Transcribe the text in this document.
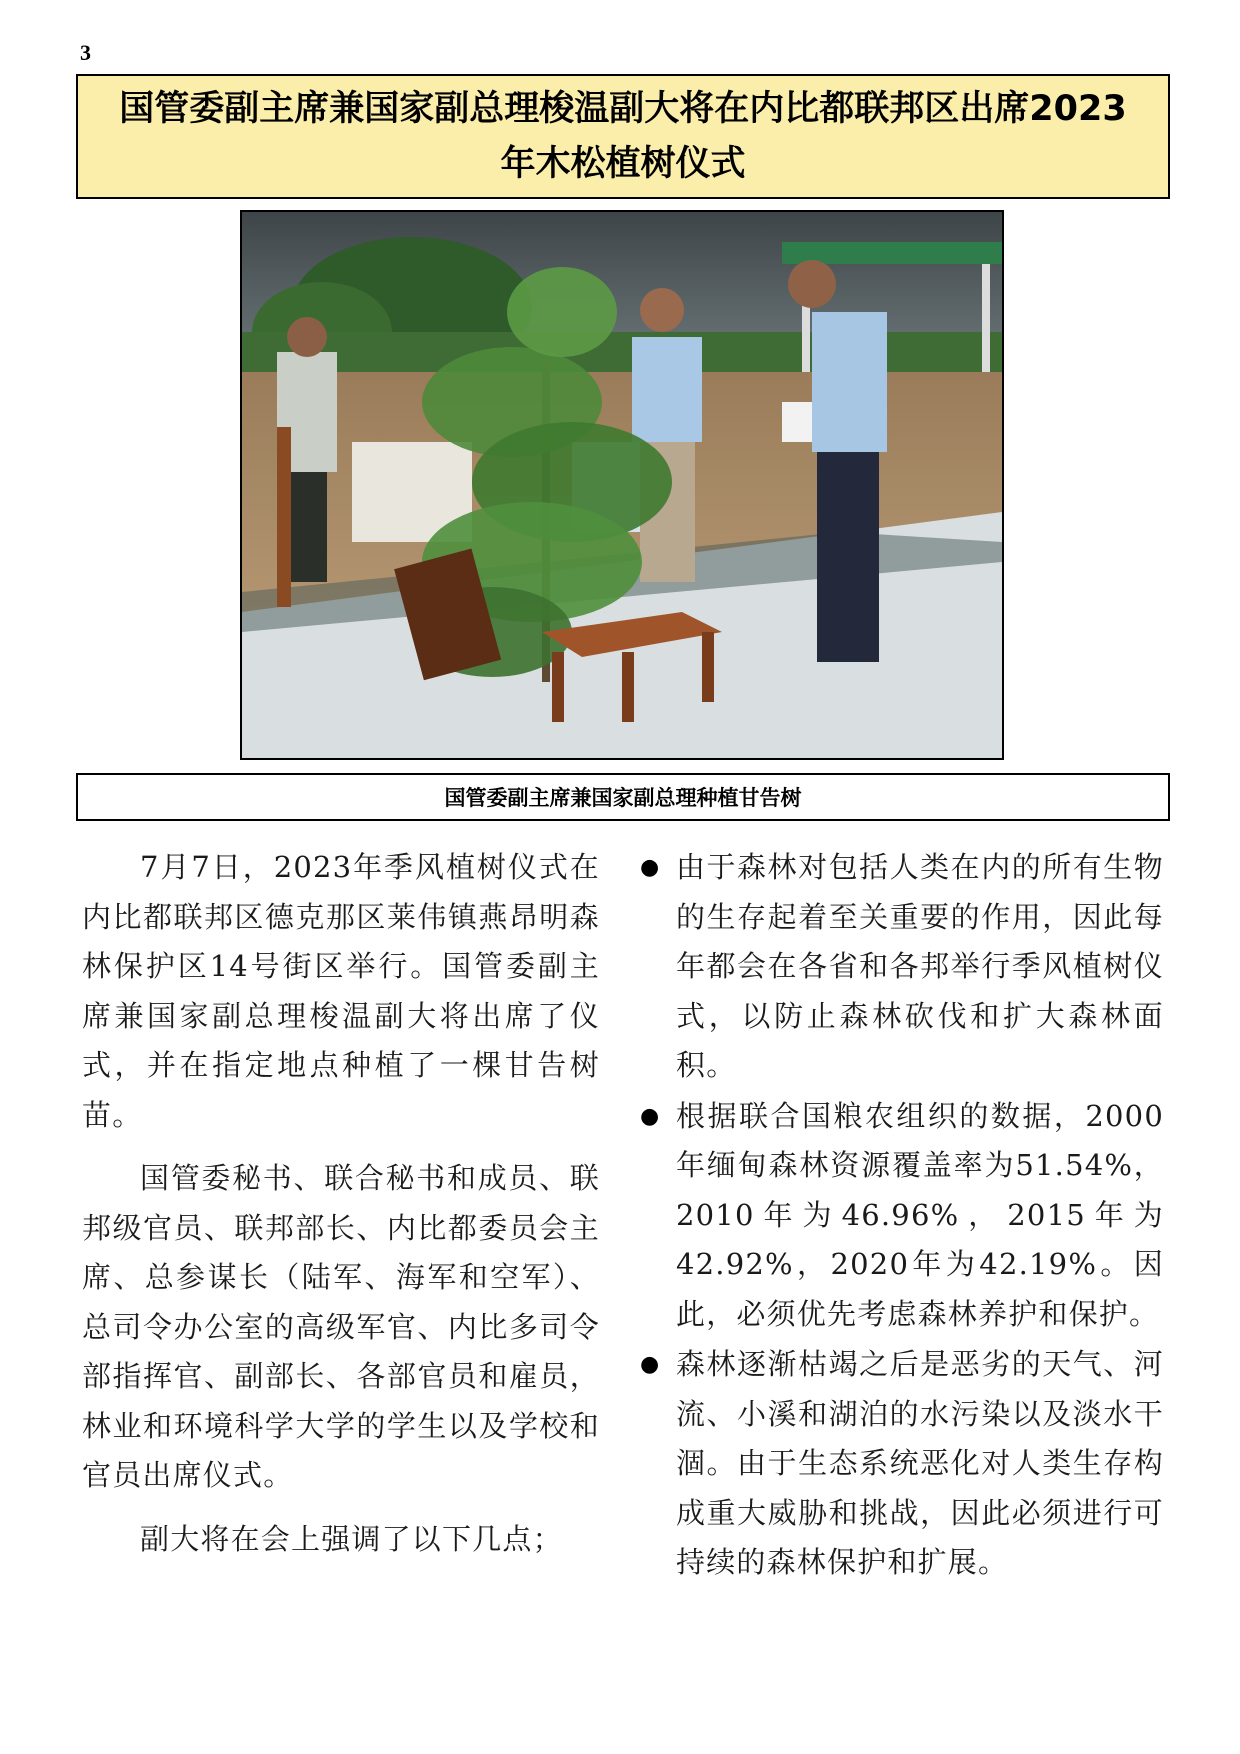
3
国管委副主席兼国家副总理梭温副大将在内比都联邦区出席2023年木松植树仪式
国管委副主席兼国家副总理种植甘告树

7月7日，2023年季风植树仪式在内比都联邦区德克那区莱伟镇燕昂明森林保护区14号街区举行。国管委副主席兼国家副总理梭温副大将出席了仪式，并在指定地点种植了一棵甘告树苗。

国管委秘书、联合秘书和成员、联邦级官员、联邦部长、内比都委员会主席、总参谋长（陆军、海军和空军）、总司令办公室的高级军官、内比多司令部指挥官、副部长、各部官员和雇员，林业和环境科学大学的学生以及学校和官员出席仪式。

副大将在会上强调了以下几点；

● 由于森林对包括人类在内的所有生物的生存起着至关重要的作用，因此每年都会在各省和各邦举行季风植树仪式，以防止森林砍伐和扩大森林面积。
● 根据联合国粮农组织的数据，2000年缅甸森林资源覆盖率为51.54%，2010年为46.96%，2015年为42.92%，2020年为42.19%。因此，必须优先考虑森林养护和保护。
● 森林逐渐枯竭之后是恶劣的天气、河流、小溪和湖泊的水污染以及淡水干涸。由于生态系统恶化对人类生存构成重大威胁和挑战，因此必须进行可持续的森林保护和扩展。
